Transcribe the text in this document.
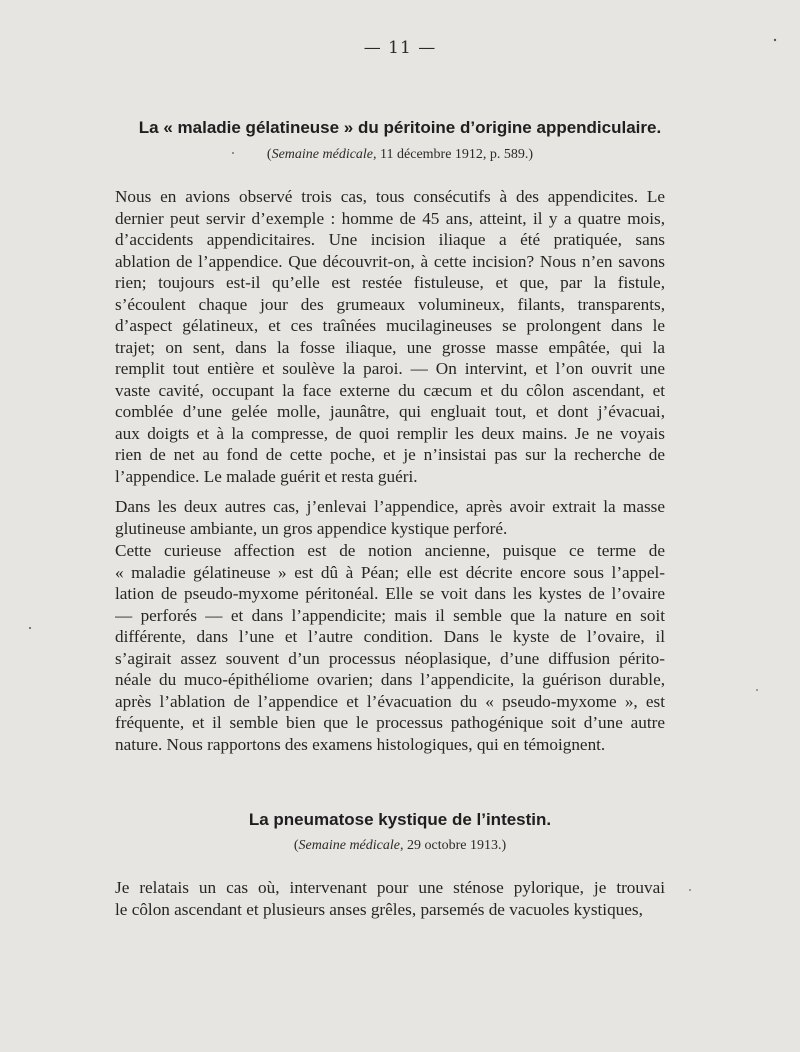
— 11 —
La « maladie gélatineuse » du péritoine d’origine appendiculaire.
(Semaine médicale, 11 décembre 1912, p. 589.)
Nous en avions observé trois cas, tous consécutifs à des appendicites. Le
dernier peut servir d’exemple : homme de 45 ans, atteint, il y a quatre mois,
d’accidents appendicitaires. Une incision iliaque a été pratiquée, sans
ablation de l’appendice. Que découvrit-on, à cette incision? Nous n’en savons
rien; toujours est-il qu’elle est restée fistuleuse, et que, par la fistule,
s’écoulent chaque jour des grumeaux volumineux, filants, transparents,
d’aspect gélatineux, et ces traînées mucilagineuses se prolongent dans le
trajet; on sent, dans la fosse iliaque, une grosse masse empâtée, qui la
remplit tout entière et soulève la paroi. — On intervint, et l’on ouvrit une
vaste cavité, occupant la face externe du cæcum et du côlon ascendant, et
comblée d’une gelée molle, jaunâtre, qui engluait tout, et dont j’évacuai,
aux doigts et à la compresse, de quoi remplir les deux mains. Je ne voyais
rien de net au fond de cette poche, et je n’insistai pas sur la recherche de
l’appendice. Le malade guérit et resta guéri.
Dans les deux autres cas, j’enlevai l’appendice, après avoir extrait la masse
glutineuse ambiante, un gros appendice kystique perforé.
Cette curieuse affection est de notion ancienne, puisque ce terme de
« maladie gélatineuse » est dû à Péan; elle est décrite encore sous l’appel-
lation de pseudo-myxome péritonéal. Elle se voit dans les kystes de l’ovaire
— perforés — et dans l’appendicite; mais il semble que la nature en soit
différente, dans l’une et l’autre condition. Dans le kyste de l’ovaire, il
s’agirait assez souvent d’un processus néoplasique, d’une diffusion périto-
néale du muco-épithéliome ovarien; dans l’appendicite, la guérison durable,
après l’ablation de l’appendice et l’évacuation du « pseudo-myxome », est
fréquente, et il semble bien que le processus pathogénique soit d’une autre
nature. Nous rapportons des examens histologiques, qui en témoignent.
La pneumatose kystique de l’intestin.
(Semaine médicale, 29 octobre 1913.)
Je relatais un cas où, intervenant pour une sténose pylorique, je trouvai
le côlon ascendant et plusieurs anses grêles, parsemés de vacuoles kystiques,
